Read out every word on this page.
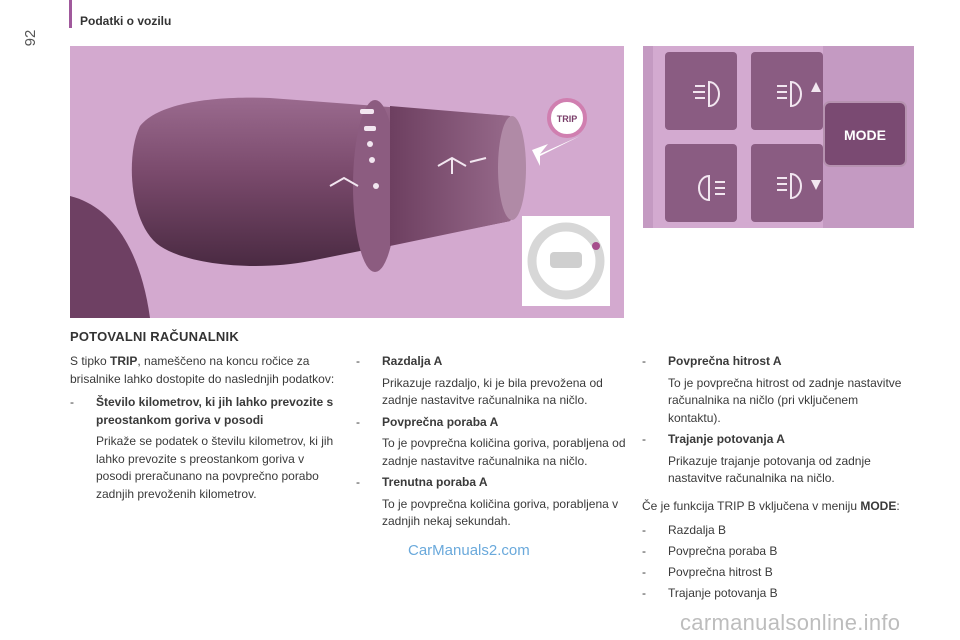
92
Podatki o vozilu
TRIP
MODE
POTOVALNI RAČUNALNIK

S tipko TRIP, nameščeno na koncu ročice za brisalnike lahko dostopite do naslednjih podatkov:

- Število kilometrov, ki jih lahko prevozite s preostankom goriva v posodi
Prikaže se podatek o številu kilometrov, ki jih lahko prevozite s preostankom goriva v posodi preračunano na povprečno porabo zadnjih prevoženih kilometrov.
- Razdalja A
Prikazuje razdaljo, ki je bila prevožena od zadnje nastavitve računalnika na ničlo.
- Povprečna poraba A
To je povprečna količina goriva, porabljena od zadnje nastavitve računalnika na ničlo.
- Trenutna poraba A
To je povprečna količina goriva, porabljena v zadnjih nekaj sekundah.
- Povprečna hitrost A
To je povprečna hitrost od zadnje nastavitve računalnika na ničlo (pri vključenem kontaktu).
- Trajanje potovanja A
Prikazuje trajanje potovanja od zadnje nastavitve računalnika na ničlo.

Če je funkcija TRIP B vključena v meniju MODE:

- Razdalja B
- Povprečna poraba B
- Povprečna hitrost B
- Trajanje potovanja B
CarManuals2.com
carmanualsonline.info
